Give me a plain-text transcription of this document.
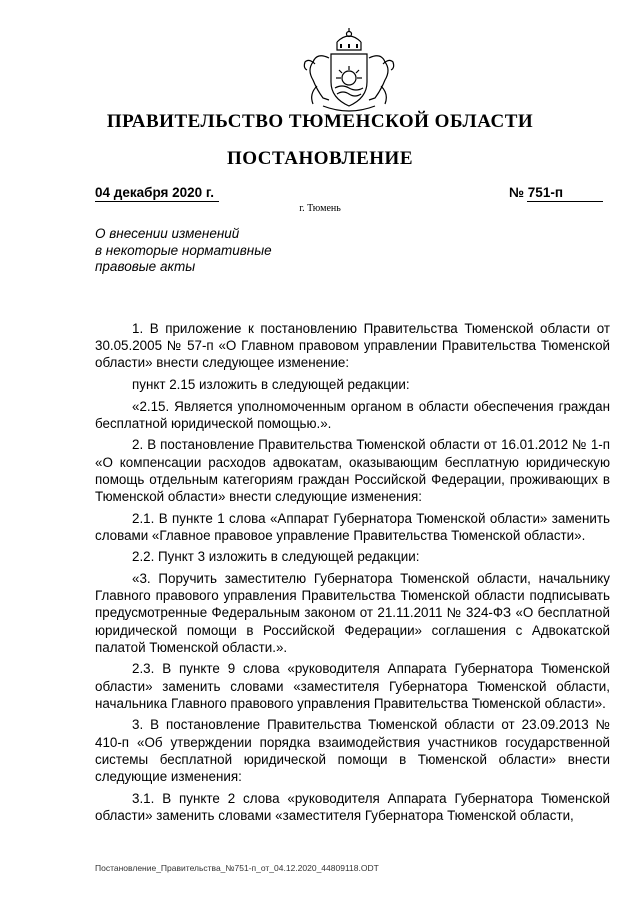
ПРАВИТЕЛЬСТВО ТЮМЕНСКОЙ ОБЛАСТИ
ПОСТАНОВЛЕНИЕ
04 декабря 2020 г.	№ 751-п
г. Тюмень
О внесении изменений
в некоторые нормативные
правовые акты

1. В приложение к постановлению Правительства Тюменской области от 30.05.2005 № 57-п «О Главном правовом управлении Правительства Тюменской области» внести следующее изменение:

пункт 2.15 изложить в следующей редакции:

«2.15. Является уполномоченным органом в области обеспечения граждан бесплатной юридической помощью.».

2. В постановление Правительства Тюменской области от 16.01.2012 № 1-п «О компенсации расходов адвокатам, оказывающим бесплатную юридическую помощь отдельным категориям граждан Российской Федерации, проживающих в Тюменской области» внести следующие изменения:

2.1. В пункте 1 слова «Аппарат Губернатора Тюменской области» заменить словами «Главное правовое управление Правительства Тюменской области».

2.2. Пункт 3 изложить в следующей редакции:

«3. Поручить заместителю Губернатора Тюменской области, начальнику Главного правового управления Правительства Тюменской области подписывать предусмотренные Федеральным законом от 21.11.2011 № 324-ФЗ «О бесплатной юридической помощи в Российской Федерации» соглашения с Адвокатской палатой Тюменской области.».

2.3. В пункте 9 слова «руководителя Аппарата Губернатора Тюменской области» заменить словами «заместителя Губернатора Тюменской области, начальника Главного правового управления Правительства Тюменской области».

3. В постановление Правительства Тюменской области от 23.09.2013 № 410-п «Об утверждении порядка взаимодействия участников государственной системы бесплатной юридической помощи в Тюменской области» внести следующие изменения:

3.1. В пункте 2 слова «руководителя Аппарата Губернатора Тюменской области» заменить словами «заместителя Губернатора Тюменской области,

Постановление_Правительства_№751-п_от_04.12.2020_44809118.ODT
